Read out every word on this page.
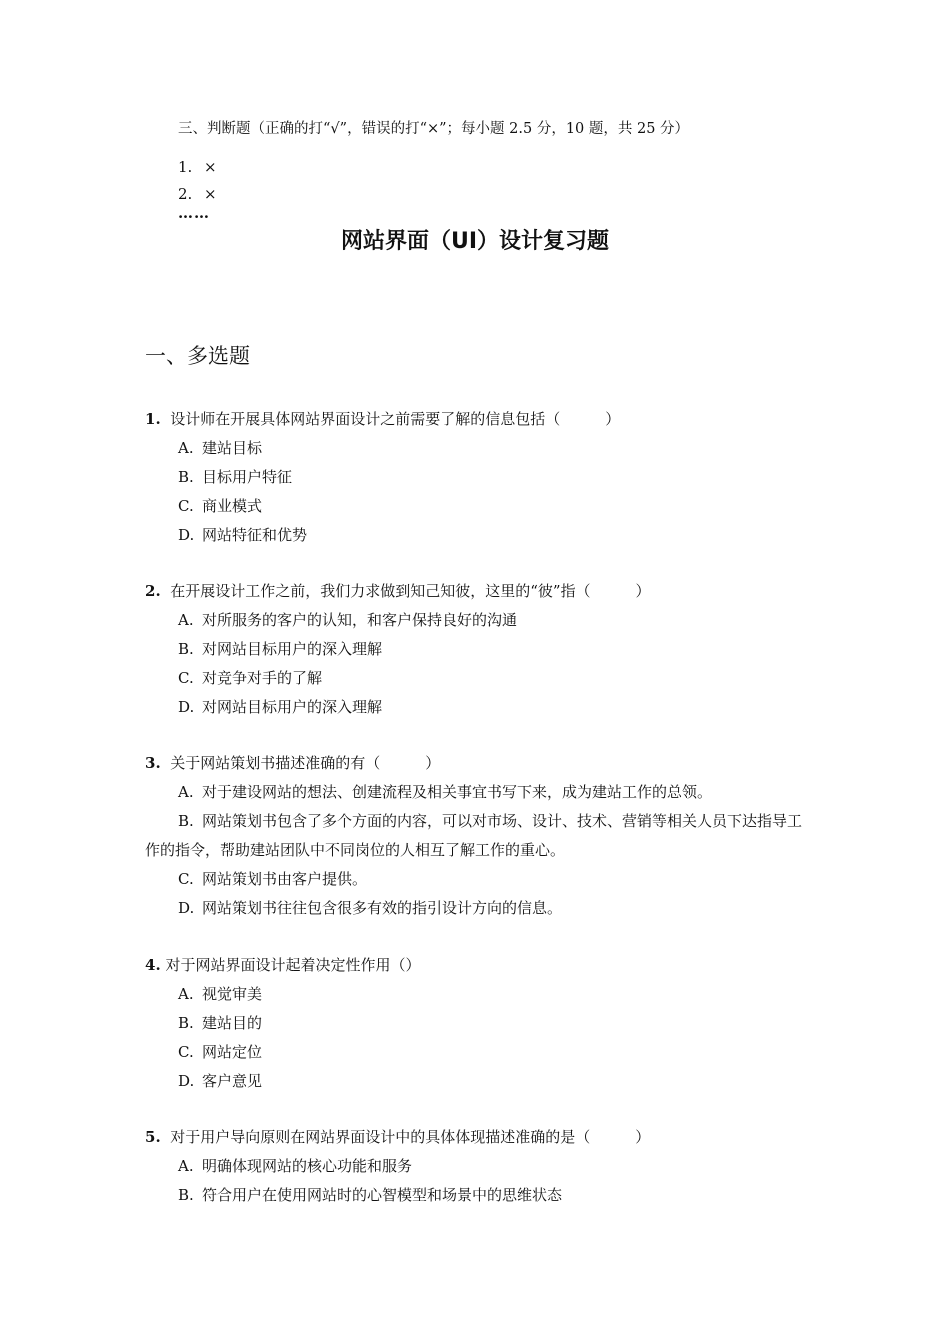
三、判断题（正确的打“√”，错误的打“×”；每小题 2.5 分，10 题，共 25 分）
1. ×
2. ×
……
网站界面（UI）设计复习题
一、多选题
1. 设计师在开展具体网站界面设计之前需要了解的信息包括（　　　）
A. 建站目标
B. 目标用户特征
C. 商业模式
D. 网站特征和优势
2. 在开展设计工作之前，我们力求做到知己知彼，这里的“彼”指（　　　）
A. 对所服务的客户的认知，和客户保持良好的沟通
B. 对网站目标用户的深入理解
C. 对竞争对手的了解
D. 对网站目标用户的深入理解
3. 关于网站策划书描述准确的有（　　　）
A. 对于建设网站的想法、创建流程及相关事宜书写下来，成为建站工作的总领。
B. 网站策划书包含了多个方面的内容，可以对市场、设计、技术、营销等相关人员下达指导工作的指令，帮助建站团队中不同岗位的人相互了解工作的重心。
C. 网站策划书由客户提供。
D. 网站策划书往往包含很多有效的指引设计方向的信息。
4. 对于网站界面设计起着决定性作用（）
A. 视觉审美
B. 建站目的
C. 网站定位
D. 客户意见
5. 对于用户导向原则在网站界面设计中的具体体现描述准确的是（　　　）
A. 明确体现网站的核心功能和服务
B. 符合用户在使用网站时的心智模型和场景中的思维状态
